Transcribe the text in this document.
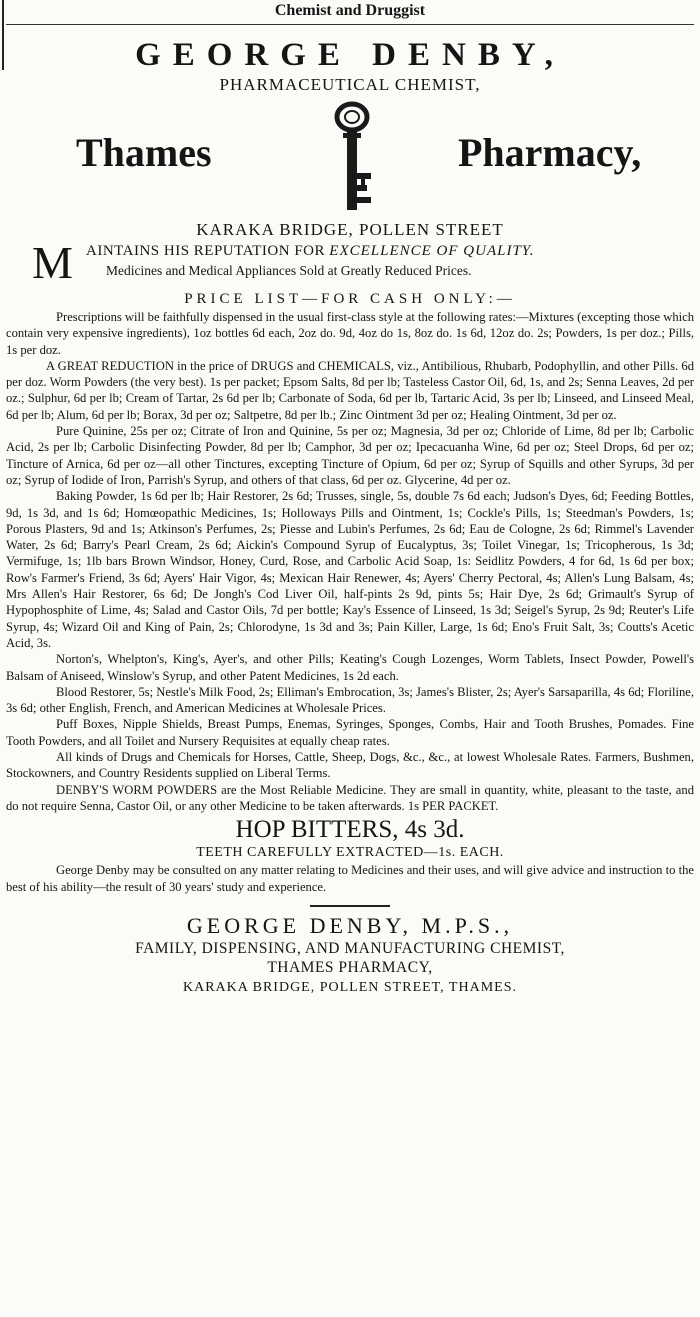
Chemist and Druggist
GEORGE DENBY,
PHARMACEUTICAL CHEMIST,
Thames	Pharmacy,
KARAKA BRIDGE, POLLEN STREET
M AINTAINS HIS REPUTATION FOR EXCELLENCE OF QUALITY.
Medicines and Medical Appliances Sold at Greatly Reduced Prices.
PRICE LIST—FOR CASH ONLY:—

Prescriptions will be faithfully dispensed in the usual first-class style at the following rates:—Mixtures (excepting those which contain very expensive ingredients), 1oz bottles 6d each, 2oz do. 9d, 4oz do 1s, 8oz do. 1s 6d, 12oz do. 2s; Powders, 1s per doz.; Pills, 1s per doz.

A GREAT REDUCTION in the price of DRUGS and CHEMICALS, viz., Antibilious, Rhubarb, Podophyllin, and other Pills. 6d per doz. Worm Powders (the very best). 1s per packet; Epsom Salts, 8d per lb; Tasteless Castor Oil, 6d, 1s, and 2s; Senna Leaves, 2d per oz.; Sulphur, 6d per lb; Cream of Tartar, 2s 6d per lb; Carbonate of Soda, 6d per lb, Tartaric Acid, 3s per lb; Linseed, and Linseed Meal, 6d per lb; Alum, 6d per lb; Borax, 3d per oz; Saltpetre, 8d per lb.; Zinc Ointment 3d per oz; Healing Ointment, 3d per oz.

Pure Quinine, 25s per oz; Citrate of Iron and Quinine, 5s per oz; Magnesia, 3d per oz; Chloride of Lime, 8d per lb; Carbolic Acid, 2s per lb; Carbolic Disinfecting Powder, 8d per lb; Camphor, 3d per oz; Ipecacuanha Wine, 6d per oz; Steel Drops, 6d per oz; Tincture of Arnica, 6d per oz—all other Tinctures, excepting Tincture of Opium, 6d per oz; Syrup of Squills and other Syrups, 3d per oz; Syrup of Iodide of Iron, Parrish's Syrup, and others of that class, 6d per oz. Glycerine, 4d per oz.

Baking Powder, 1s 6d per lb; Hair Restorer, 2s 6d; Trusses, single, 5s, double 7s 6d each; Judson's Dyes, 6d; Feeding Bottles, 9d, 1s 3d, and 1s 6d; Homœopathic Medicines, 1s; Holloways Pills and Ointment, 1s; Cockle's Pills, 1s; Steedman's Powders, 1s; Porous Plasters, 9d and 1s; Atkinson's Perfumes, 2s; Piesse and Lubin's Perfumes, 2s 6d; Eau de Cologne, 2s 6d; Rimmel's Lavender Water, 2s 6d; Barry's Pearl Cream, 2s 6d; Aickin's Compound Syrup of Eucalyptus, 3s; Toilet Vinegar, 1s; Tricopherous, 1s 3d; Vermifuge, 1s; 1lb bars Brown Windsor, Honey, Curd, Rose, and Carbolic Acid Soap, 1s: Seidlitz Powders, 4 for 6d, 1s 6d per box; Row's Farmer's Friend, 3s 6d; Ayers' Hair Vigor, 4s; Mexican Hair Renewer, 4s; Ayers' Cherry Pectoral, 4s; Allen's Lung Balsam, 4s; Mrs Allen's Hair Restorer, 6s 6d; De Jongh's Cod Liver Oil, half-pints 2s 9d, pints 5s; Hair Dye, 2s 6d; Grimault's Syrup of Hypophosphite of Lime, 4s; Salad and Castor Oils, 7d per bottle; Kay's Essence of Linseed, 1s 3d; Seigel's Syrup, 2s 9d; Reuter's Life Syrup, 4s; Wizard Oil and King of Pain, 2s; Chlorodyne, 1s 3d and 3s; Pain Killer, Large, 1s 6d; Eno's Fruit Salt, 3s; Coutts's Acetic Acid, 3s.

Norton's, Whelpton's, King's, Ayer's, and other Pills; Keating's Cough Lozenges, Worm Tablets, Insect Powder, Powell's Balsam of Aniseed, Winslow's Syrup, and other Patent Medicines, 1s 2d each.

Blood Restorer, 5s; Nestle's Milk Food, 2s; Elliman's Embrocation, 3s; James's Blister, 2s; Ayer's Sarsaparilla, 4s 6d; Floriline, 3s 6d; other English, French, and American Medicines at Wholesale Prices.

Puff Boxes, Nipple Shields, Breast Pumps, Enemas, Syringes, Sponges, Combs, Hair and Tooth Brushes, Pomades. Fine Tooth Powders, and all Toilet and Nursery Requisites at equally cheap rates.

All kinds of Drugs and Chemicals for Horses, Cattle, Sheep, Dogs, &c., &c., at lowest Wholesale Rates. Farmers, Bushmen, Stockowners, and Country Residents supplied on Liberal Terms.

DENBY'S WORM POWDERS are the Most Reliable Medicine. They are small in quantity, white, pleasant to the taste, and do not require Senna, Castor Oil, or any other Medicine to be taken afterwards. 1s PER PACKET.

HOP BITTERS, 4s 3d.
TEETH CAREFULLY EXTRACTED—1s. EACH.

George Denby may be consulted on any matter relating to Medicines and their uses, and will give advice and instruction to the best of his ability—the result of 30 years' study and experience.

GEORGE DENBY, M.P.S.,
FAMILY, DISPENSING, AND MANUFACTURING CHEMIST,
THAMES PHARMACY,
KARAKA BRIDGE, POLLEN STREET, THAMES.
